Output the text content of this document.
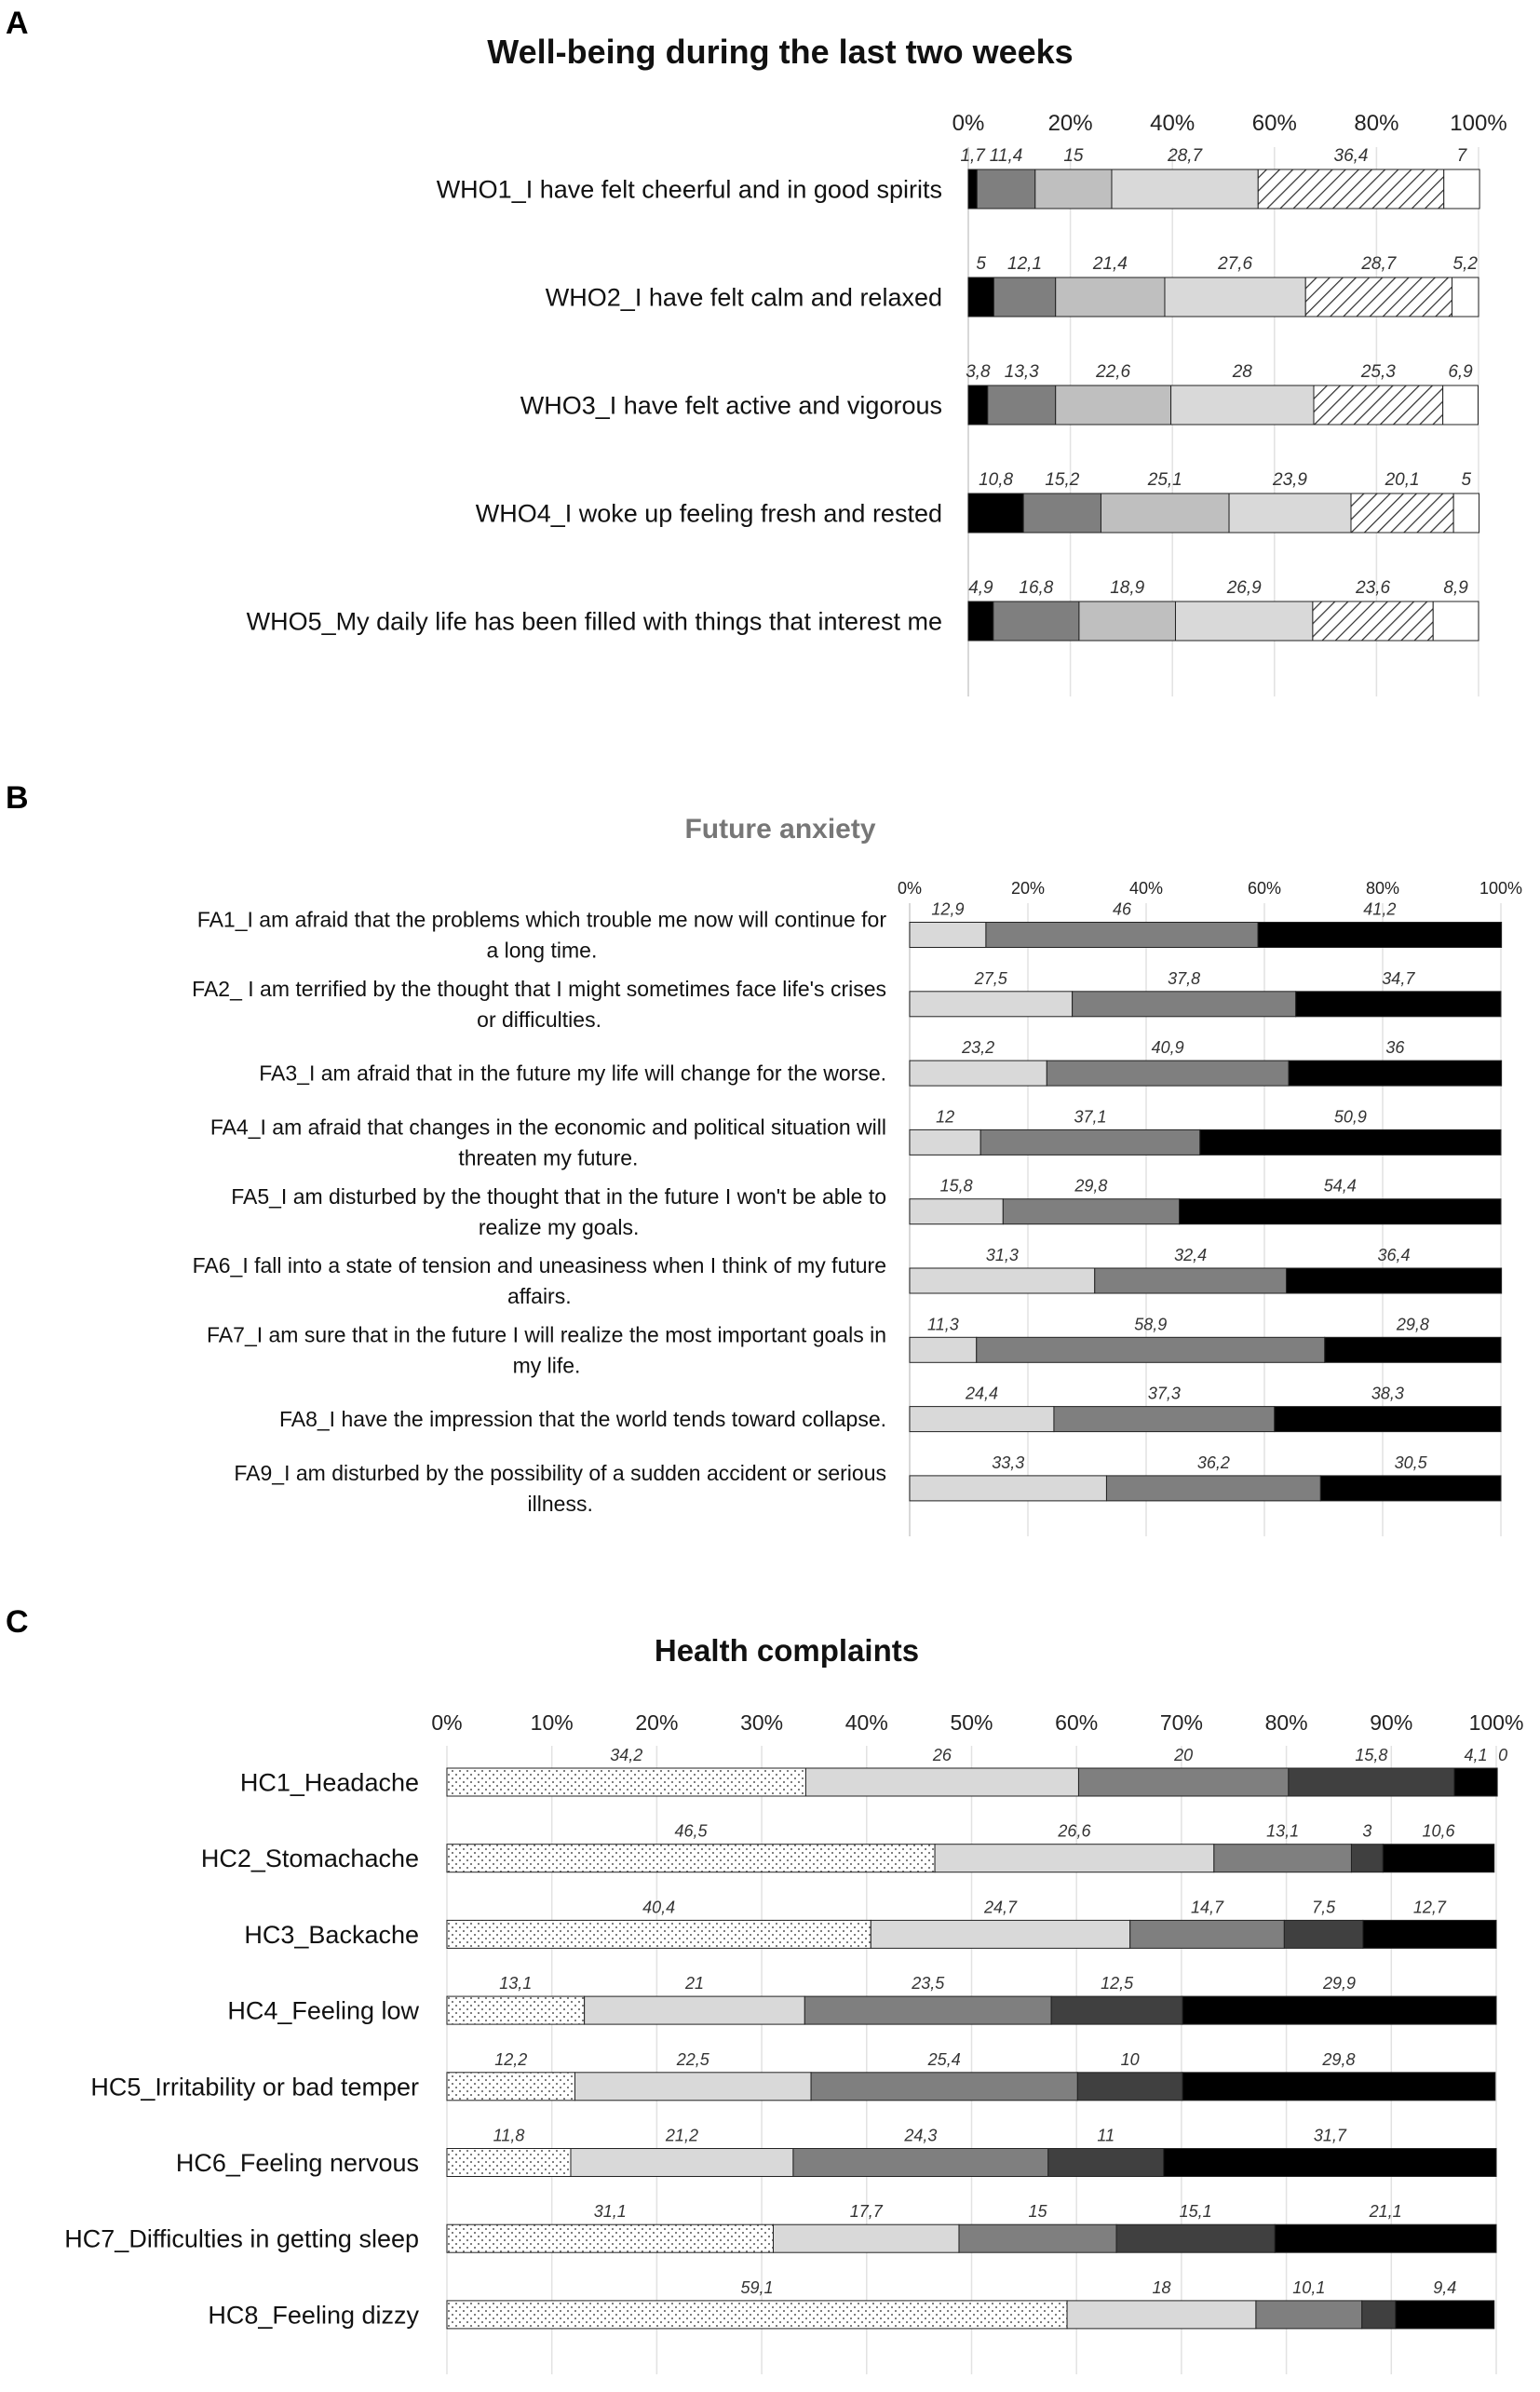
A
B
C
Well-being during the last two weeks
0%	20%	40%	60%	80% 100%
WHO1_I have felt cheerful and in good spirits
1,7 11,4 15	28,7	36,4	7
WHO2_I have felt calm and relaxed
5 12,1	21,4	27,6	28,7	5,2
WHO3_I have felt active and vigorous
3,8 13,3	22,6	28	25,3	6,9
WHO4_I woke up feeling fresh and rested
10,8 15,2	25,1	23,9	20,1 5
WHO5_My daily life has been filled with things that interest me
4,9 16,8	18,9	26,9	23,6	8,9
Future anxiety
0%	20%	40%	60%	80%	100%
FA1_I am afraid that the problems which trouble me now will continue for
a long time.
12,9	46	41,2
FA2_ I am terrified by the thought that I might sometimes face life's crises
or difficulties.
27,5	37,8	34,7
FA3_I am afraid that in the future my life will change for the worse.
23,2	40,9	36
FA4_I am afraid that changes in the economic and political situation will
threaten my future.
12	37,1	50,9
FA5_I am disturbed by the thought that in the future I won't be able to
realize my goals.
15,8	29,8	54,4
FA6_I fall into a state of tension and uneasiness when I think of my future
affairs.
31,3	32,4	36,4
FA7_I am sure that in the future I will realize the most important goals in
my life.
11,3	58,9	29,8
FA8_I have the impression that the world tends toward collapse.
24,4	37,3	38,3
FA9_I am disturbed by the possibility of a sudden accident or serious
illness.
33,3	36,2	30,5
Health complaints
0%	10%	20%	30%	40%	50%	60%	70%	80%	90%	100%
HC1_Headache
34,2	26	20	15,8	4,1 0
HC2_Stomachache
46,5	26,6	13,1	3	10,6
HC3_Backache
40,4	24,7	14,7	7,5	12,7
HC4_Feeling low
13,1	21	23,5	12,5	29,9
HC5_Irritability or bad temper
12,2	22,5	25,4	10	29,8
HC6_Feeling nervous
11,8	21,2	24,3	11	31,7
HC7_Difficulties in getting sleep
31,1	17,7	15	15,1	21,1
HC8_Feeling dizzy
59,1	18	10,1	9,4
